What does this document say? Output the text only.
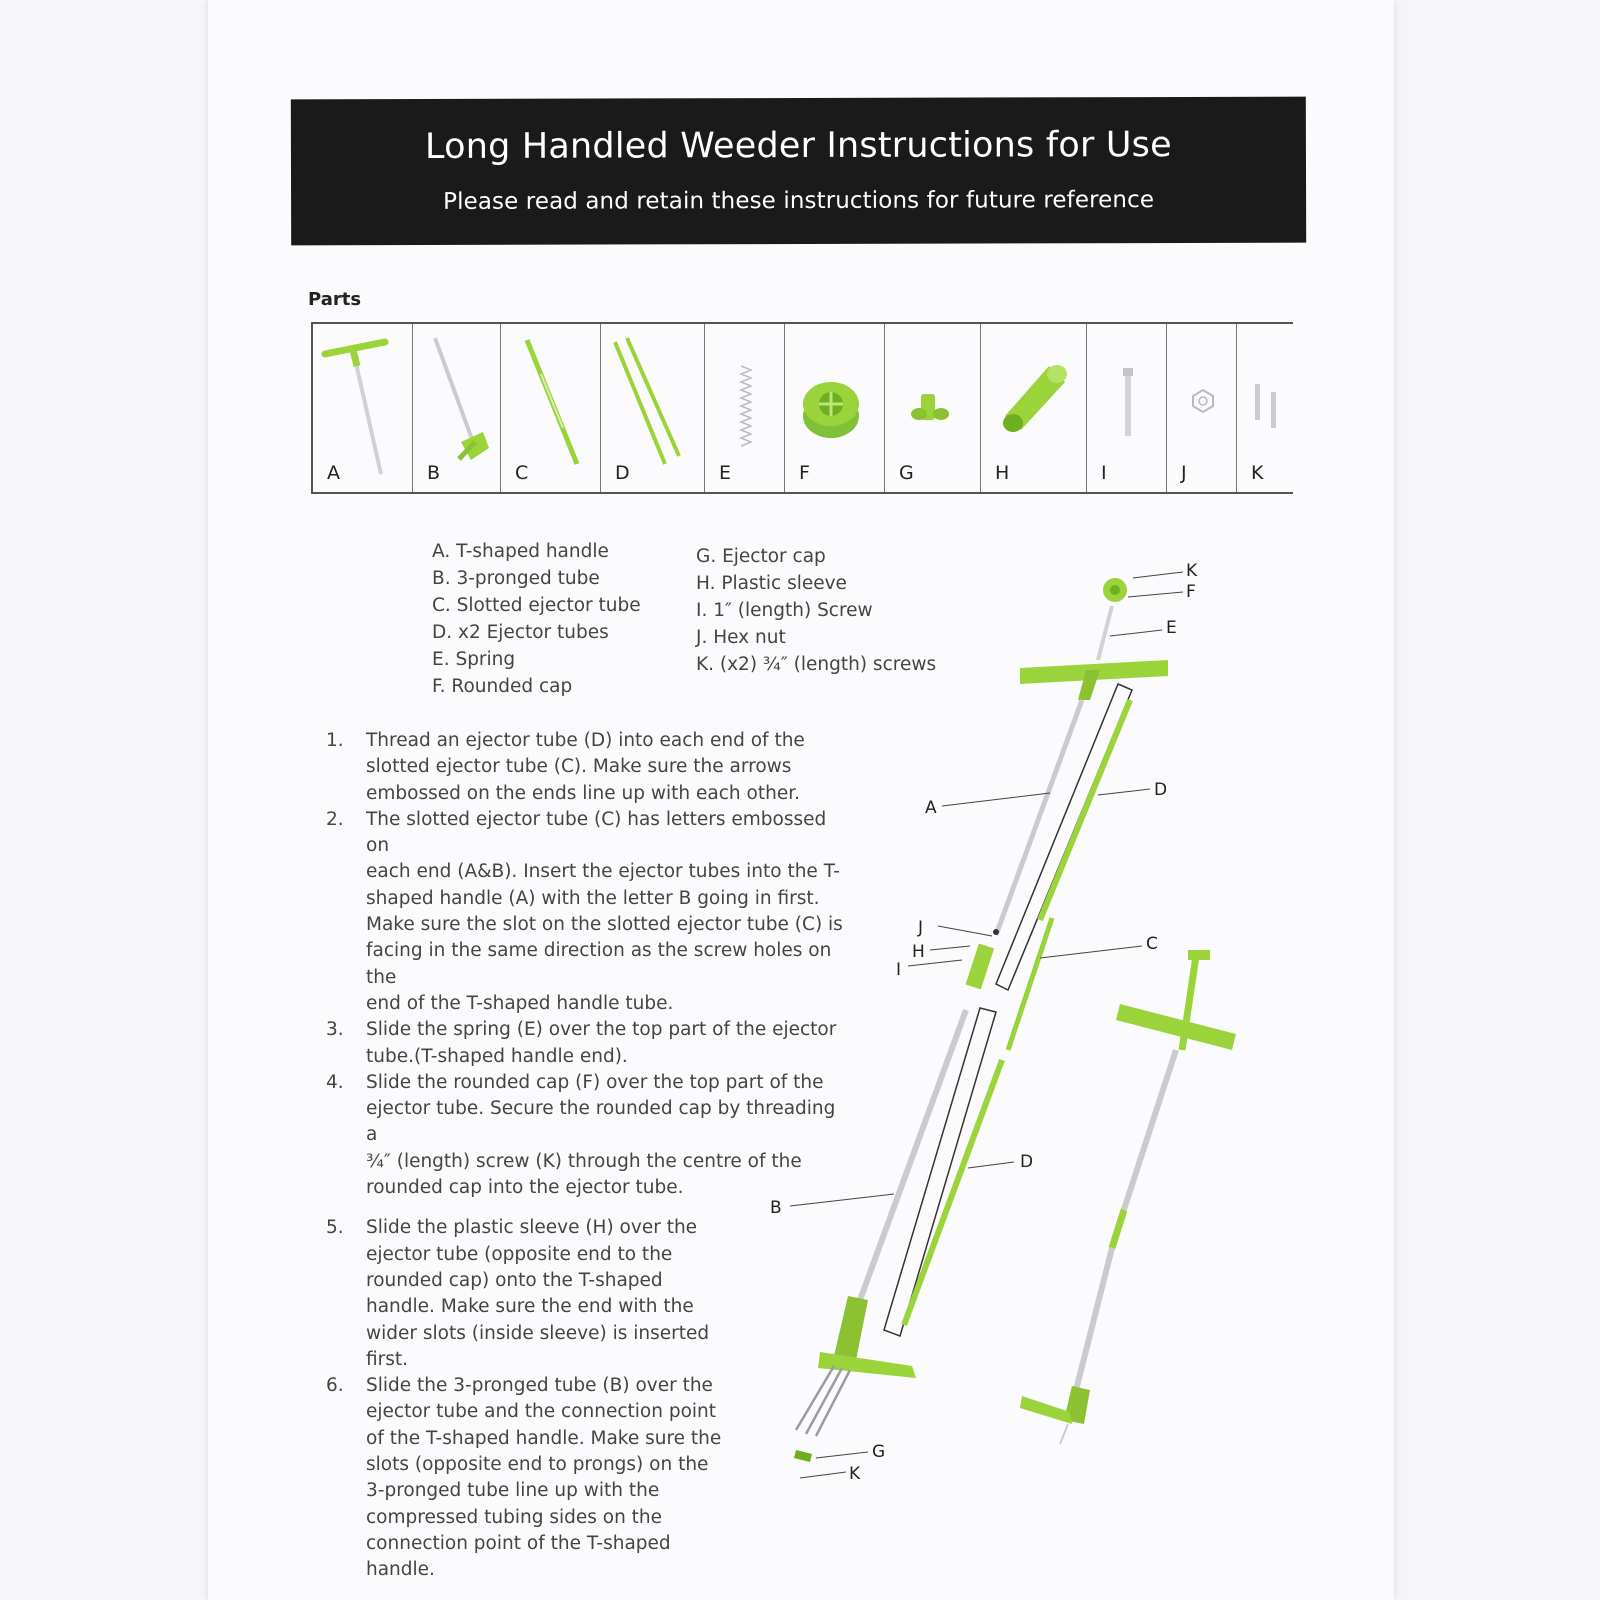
Long Handled Weeder Instructions for Use
Please read and retain these instructions for future reference
Parts
A	B	C	D	E	F	G	H	I	J	K
A. T-shaped handle
B. 3-pronged tube
C. Slotted ejector tube
D. x2 Ejector tubes
E. Spring
F. Rounded cap
G. Ejector cap
H. Plastic sleeve
I. 1″ (length) Screw
J. Hex nut
K. (x2) ¾″ (length) screws
1. Thread an ejector tube (D) into each end of the
slotted ejector tube (C). Make sure the arrows
embossed on the ends line up with each other.
2. The slotted ejector tube (C) has letters embossed on
each end (A&B). Insert the ejector tubes into the T-
shaped handle (A) with the letter B going in first.
Make sure the slot on the slotted ejector tube (C) is
facing in the same direction as the screw holes on the
end of the T-shaped handle tube.
3. Slide the spring (E) over the top part of the ejector
tube.(T-shaped handle end).
4. Slide the rounded cap (F) over the top part of the
ejector tube. Secure the rounded cap by threading a
¾″ (length) screw (K) through the centre of the
rounded cap into the ejector tube.
5. Slide the plastic sleeve (H) over the
ejector tube (opposite end to the
rounded cap) onto the T-shaped
handle. Make sure the end with the
wider slots (inside sleeve) is inserted
first.
6. Slide the 3-pronged tube (B) over the
ejector tube and the connection point
of the T-shaped handle. Make sure the
slots (opposite end to prongs) on the
3-pronged tube line up with the
compressed tubing sides on the
connection point of the T-shaped
handle.
K
F
E
A
D
J
H
I
C
D
B
G
K
